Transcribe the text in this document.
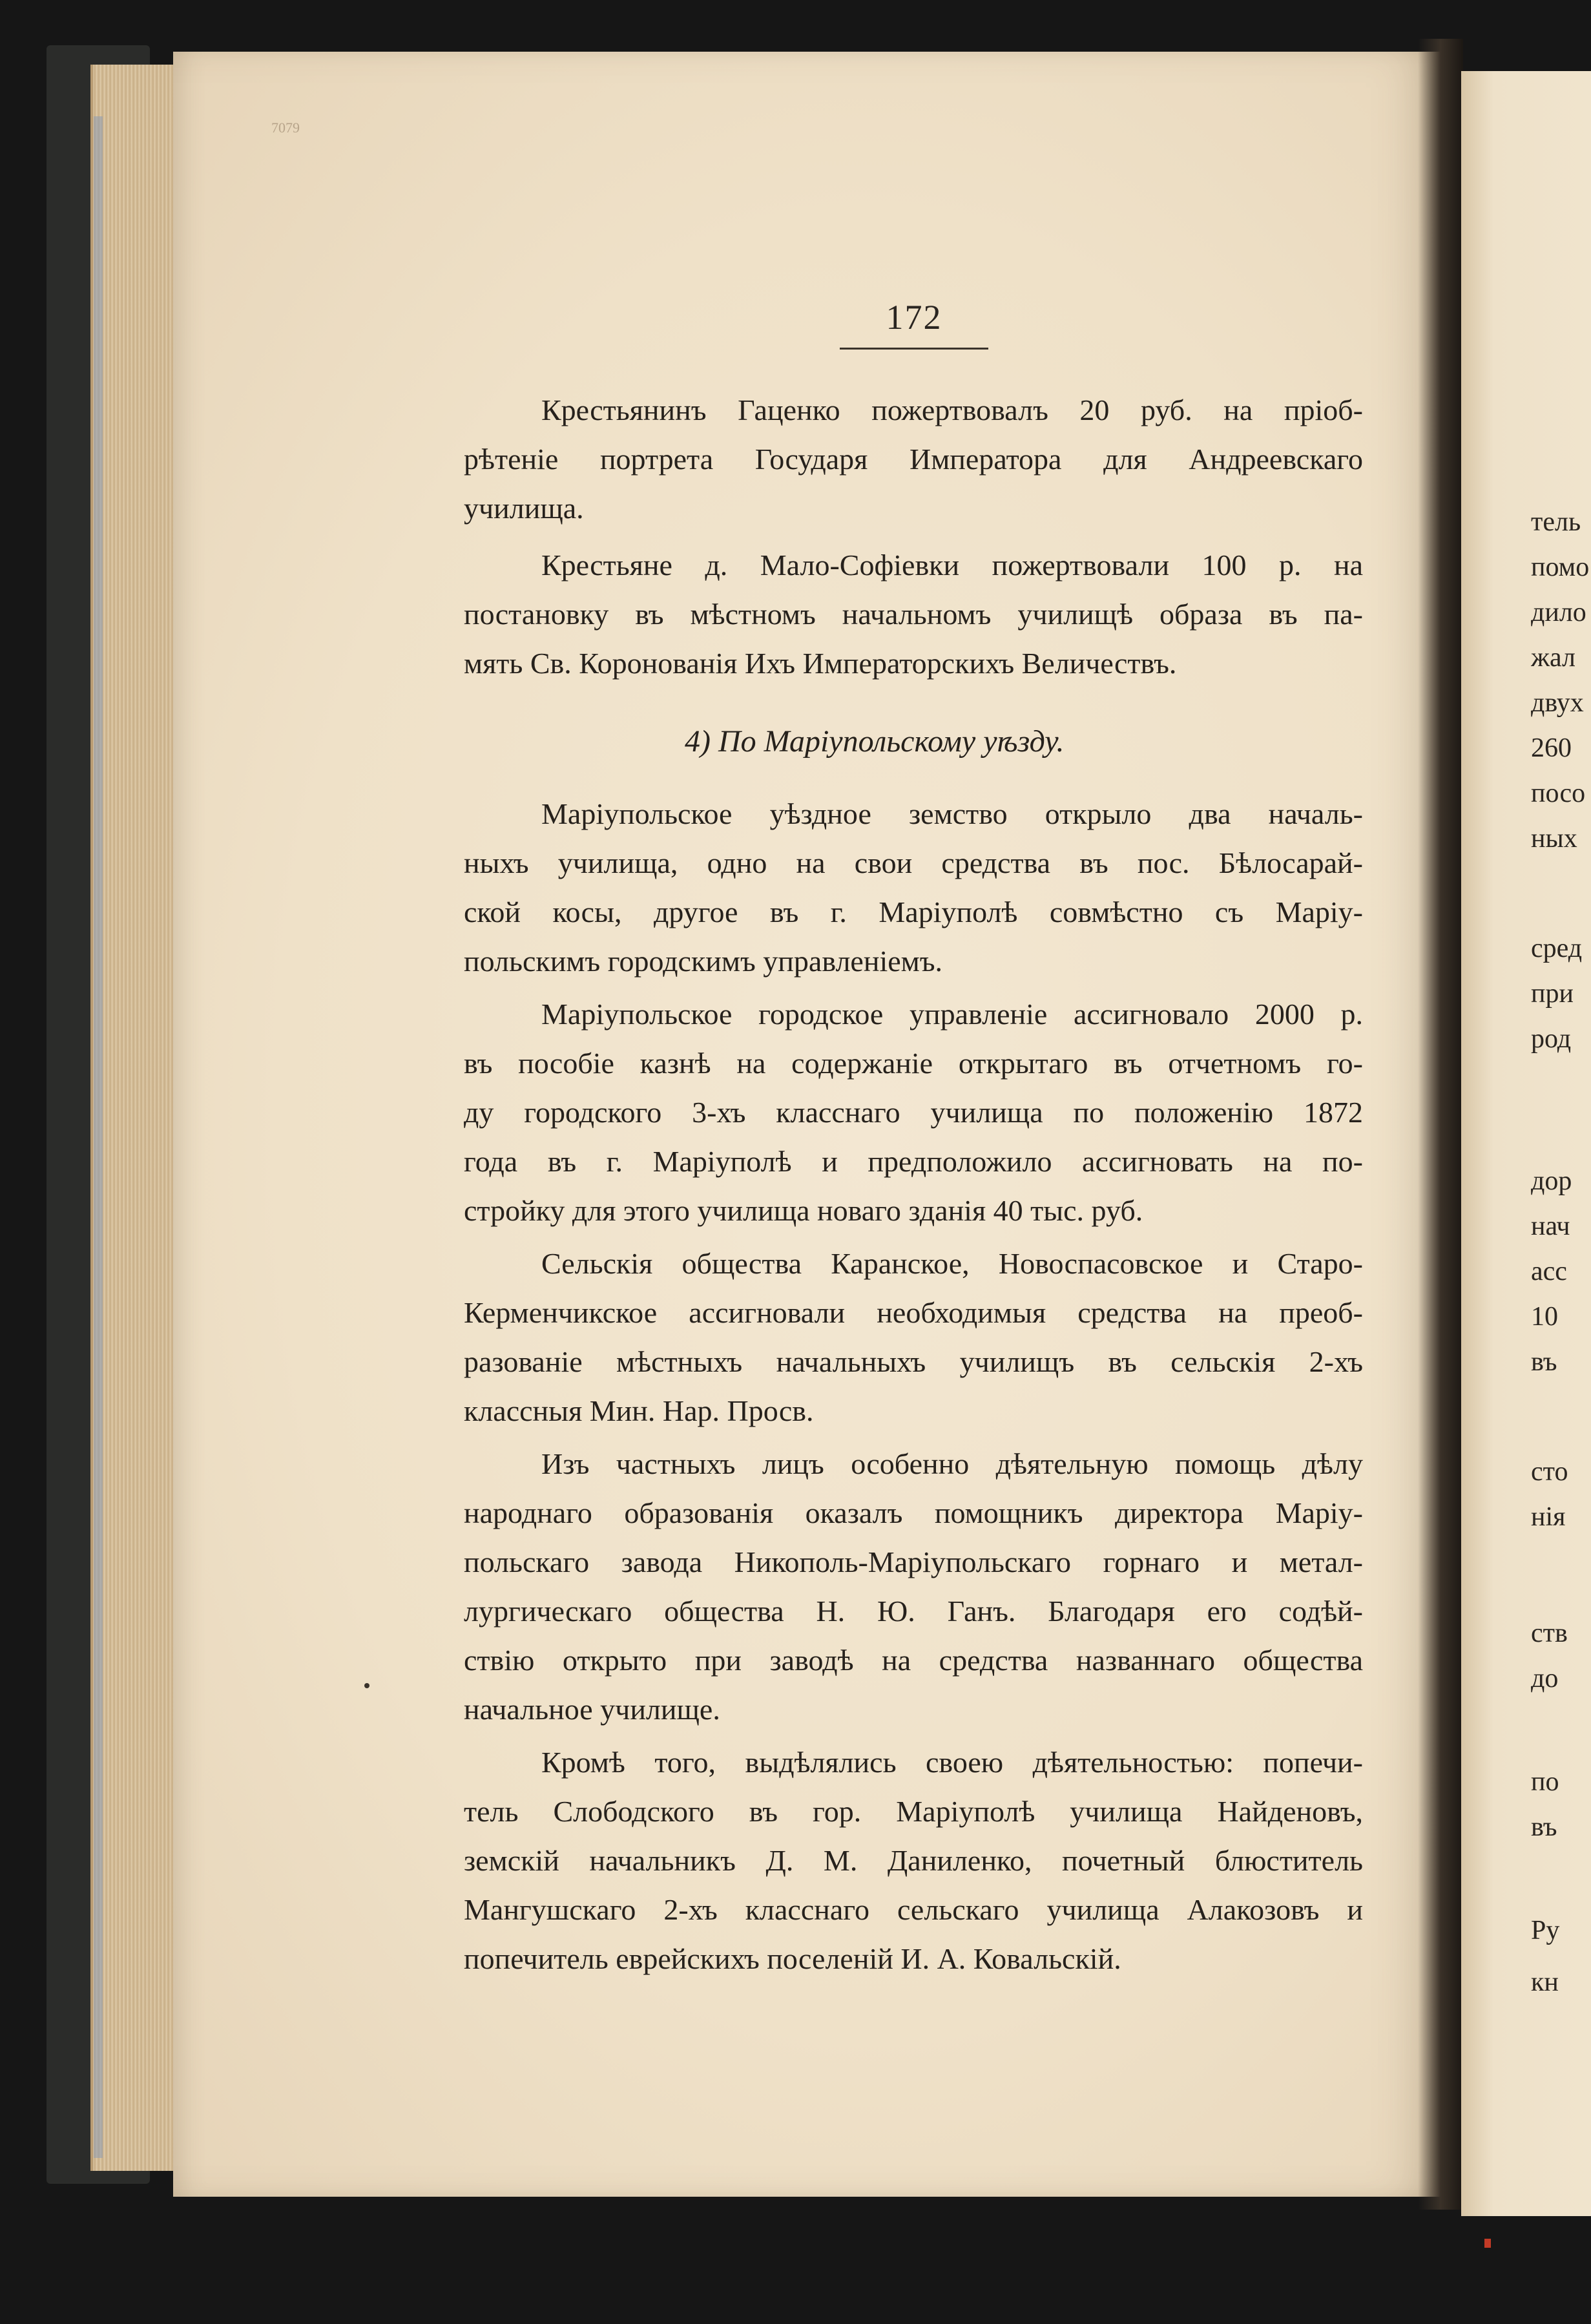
7079
172
Крестьянинъ Гаценко пожертвовалъ 20 руб. на пріоб-
рѣтеніе портрета Государя Императора для Андреевскаго
училища.
Крестьяне д. Мало-Софіевки пожертвовали 100 р. на
постановку въ мѣстномъ начальномъ училищѣ образа въ па-
мять Св. Коронованія Ихъ Императорскихъ Величествъ.
4) По Маріупольскому уѣзду.
Маріупольское уѣздное земство открыло два началь-
ныхъ училища, одно на свои средства въ пос. Бѣлосарай-
ской косы, другое въ г. Маріуполѣ совмѣстно съ Маріу-
польскимъ городскимъ управленіемъ.
Маріупольское городское управленіе ассигновало 2000 р.
въ пособіе казнѣ на содержаніе открытаго въ отчетномъ го-
ду городского 3-хъ класснаго училища по положенію 1872
года въ г. Маріуполѣ и предположило ассигновать на по-
стройку для этого училища новаго зданія 40 тыс. руб.
Сельскія общества Каранское, Новоспасовское и Старо-
Керменчикское ассигновали необходимыя средства на преоб-
разованіе мѣстныхъ начальныхъ училищъ въ сельскія 2-хъ
классныя Мин. Нар. Просв.
Изъ частныхъ лицъ особенно дѣятельную помощь дѣлу
народнаго образованія оказалъ помощникъ директора Маріу-
польскаго завода Никополь-Маріупольскаго горнаго и метал-
лургическаго общества Н. Ю. Ганъ. Благодаря его содѣй-
ствію открыто при заводѣ на средства названнаго общества
начальное училище.
Кромѣ того, выдѣлялись своею дѣятельностью: попечи-
тель Слободского въ гор. Маріуполѣ училища Найденовъ,
земскій начальникъ Д. М. Даниленко, почетный блюститель
Мангушскаго 2-хъ класснаго сельскаго училища Алакозовъ и
попечитель еврейскихъ поселеній И. А. Ковальскій.
тель
помо
дило
жал
двух
260
посо
ных
сред
при
род
дор
нач
асс
10
въ
сто
нія
ств
до
по
въ
Ру
кн
